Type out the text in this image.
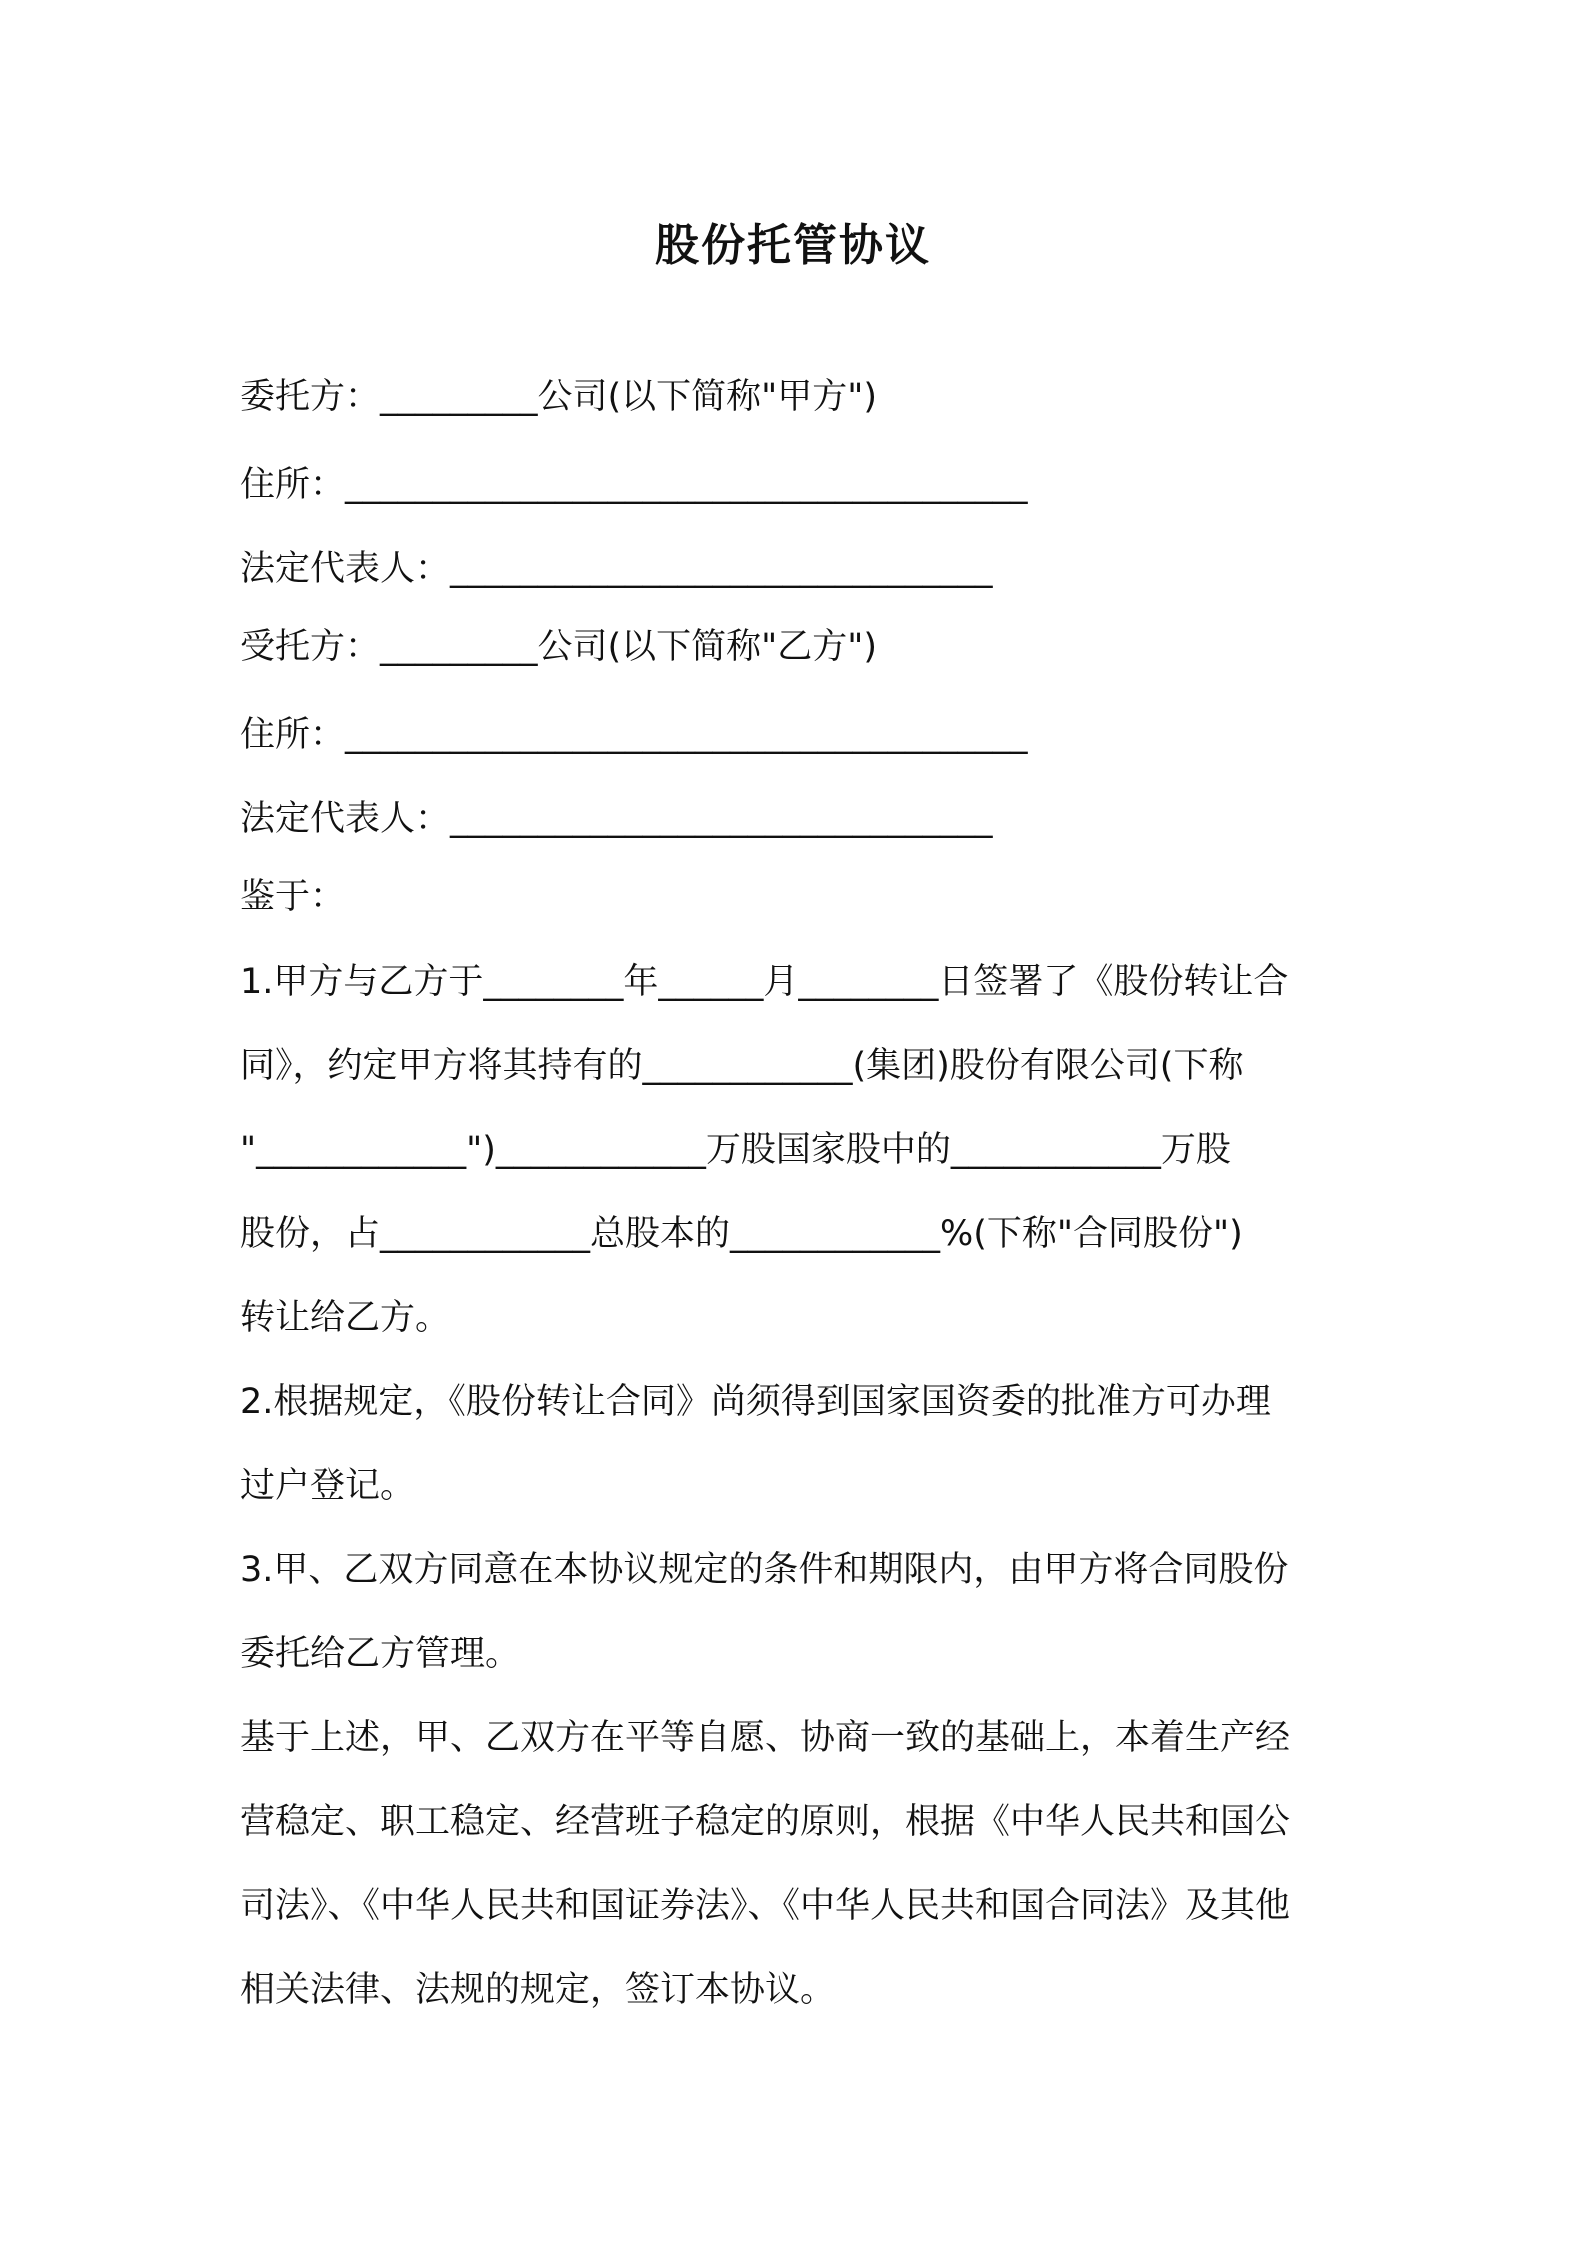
股份托管协议

委托方：_________公司(以下简称"甲方")

住所：_______________________________________

法定代表人：_______________________________

受托方：_________公司(以下简称"乙方")

住所：_______________________________________

法定代表人：_______________________________

鉴于：

1.甲方与乙方于________年______月________日签署了《股份转让合
同》，约定甲方将其持有的____________(集团)股份有限公司(下称
"____________")____________万股国家股中的____________万股
股份，占____________总股本的____________%(下称"合同股份")
转让给乙方。

2.根据规定，《股份转让合同》尚须得到国家国资委的批准方可办理
过户登记。

3.甲、乙双方同意在本协议规定的条件和期限内，由甲方将合同股份
委托给乙方管理。

基于上述，甲、乙双方在平等自愿、协商一致的基础上，本着生产经
营稳定、职工稳定、经营班子稳定的原则，根据《中华人民共和国公
司法》、《中华人民共和国证券法》、《中华人民共和国合同法》及其他
相关法律、法规的规定，签订本协议。
